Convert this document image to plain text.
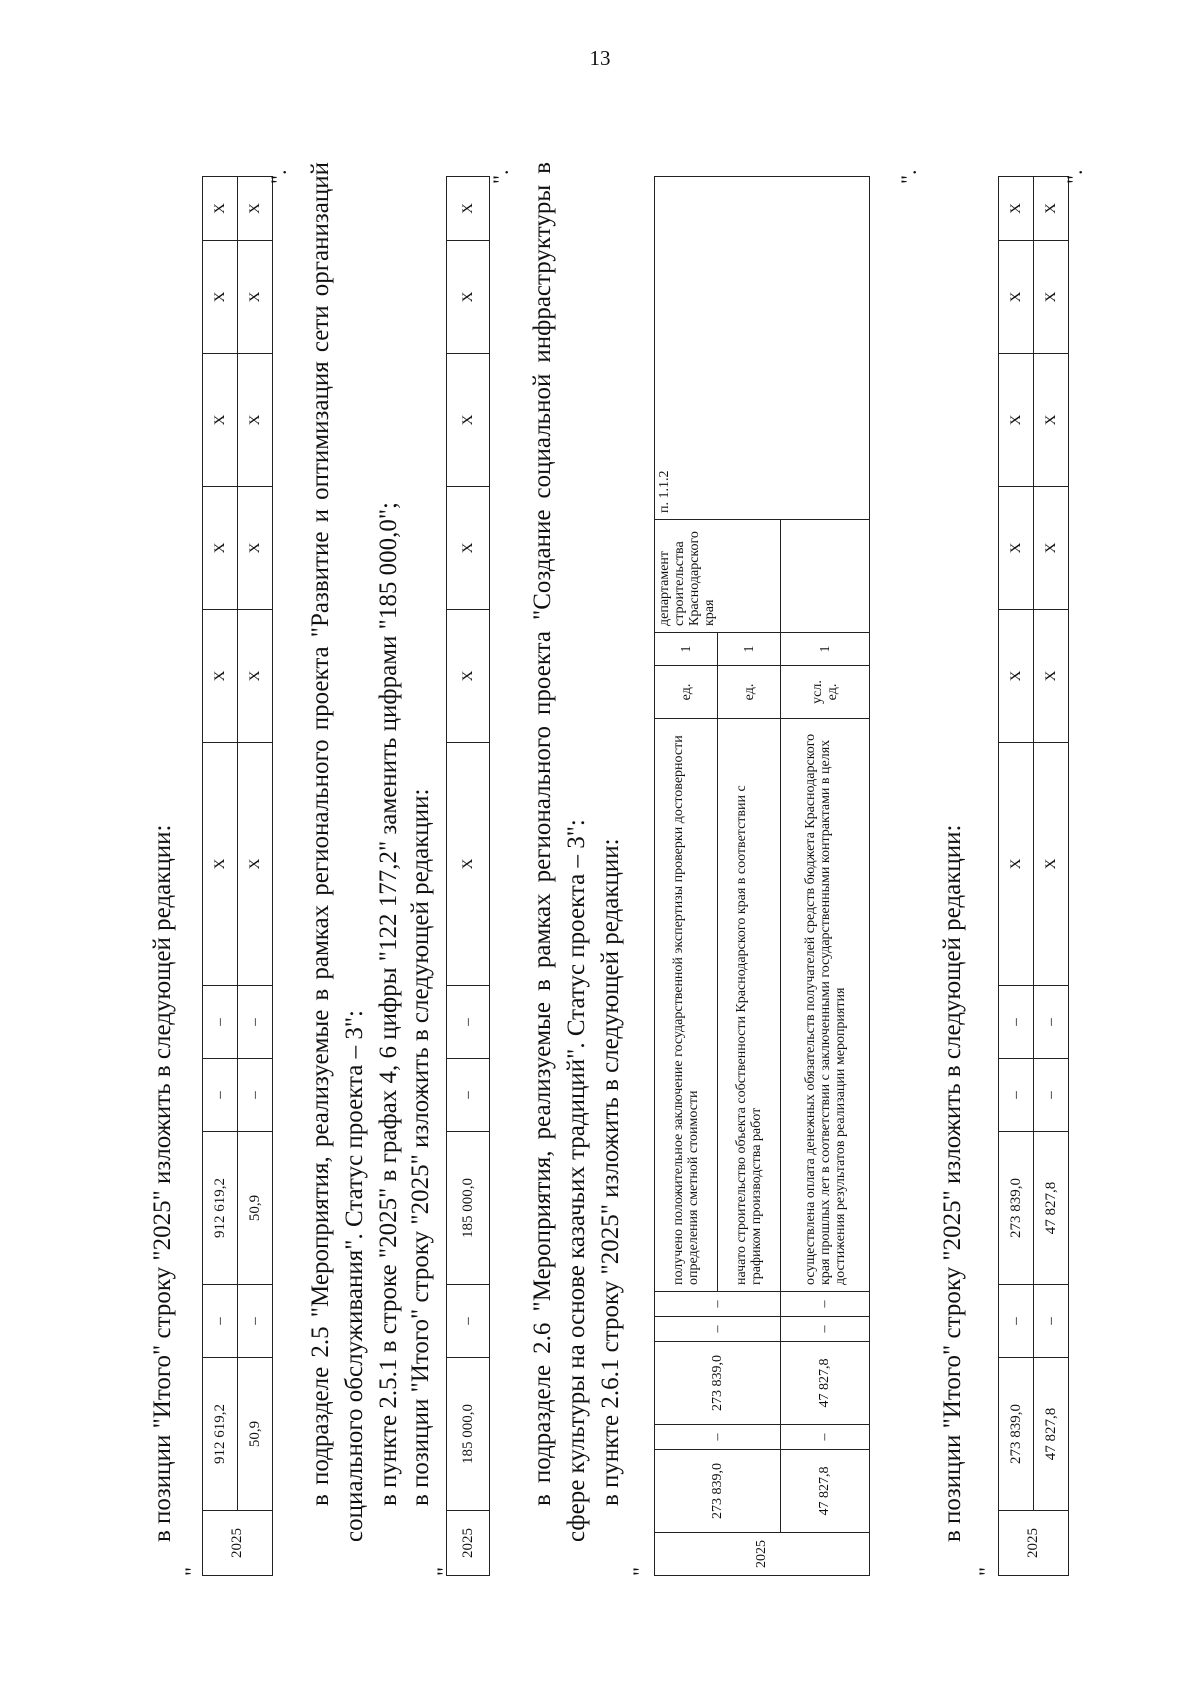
13
в позиции "Итого" строку "2025" изложить в следующей редакции:
"
2025	912 619,2	–	912 619,2	–	–	X	X	X	X	X	X
	50,9	–	50,9	–	–	X	X	X	X	X	X
". в подразделе 2.5 "Мероприятия, реализуемые в рамках регионального проекта "Развитие и оптимизация сети организаций социального обслуживания". Статус проекта – 3": в пункте 2.5.1 в строке "2025" в графах 4, 6 цифры "122 177,2" заменить цифрами "185 000,0"; в позиции "Итого" строку "2025" изложить в следующей редакции:
"
2025	185 000,0	–	185 000,0	–	–	X	X	X	X	X	X
". в подразделе 2.6 "Мероприятия, реализуемые в рамках регионального проекта "Создание социальной инфраструктуры в сфере культуры на основе казачьих традиций". Статус проекта – 3": в пункте 2.6.1 строку "2025" изложить в следующей редакции:
"
2025	273 839,0	–	273 839,0	–	–	получено положительное заключение государственной экспертизы проверки достоверности определения сметной стоимости	ед.	1	департамент строительства Краснодарского края	п. 1.1.2
						начато строительство объекта собственности Краснодарского края в соответствии с графиком производства работ	ед.	1		
	47 827,8	–	47 827,8	–	–	осуществлена оплата денежных обязательств получателей средств бюджета Краснодарского края прошлых лет в соответствии с заключенными государственными контрактами в целях достижения результатов реализации мероприятия	усл. ед.	1		
".
в позиции "Итого" строку "2025" изложить в следующей редакции:
"
2025	273 839,0	–	273 839,0	–	–	X	X	X	X	X	X
	47 827,8	–	47 827,8	–	–	X	X	X	X	X	X
".
